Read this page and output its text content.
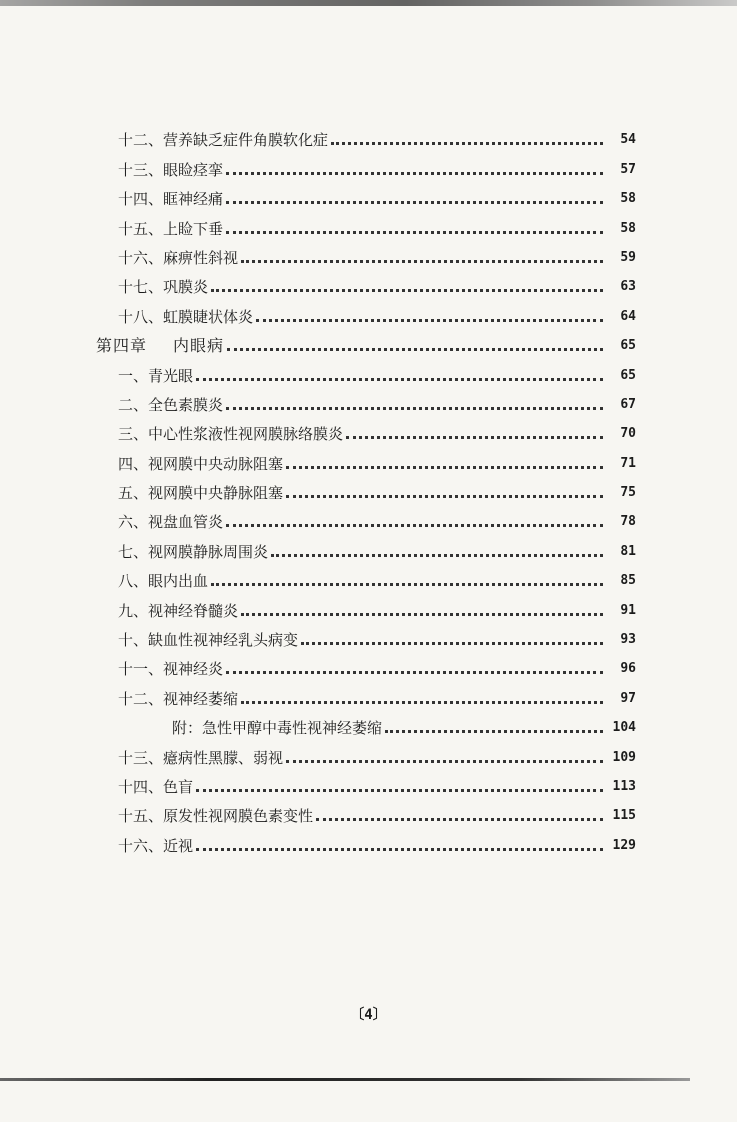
十二、营养缺乏症件角膜软化症	54
十三、眼睑痉挛	57
十四、眶神经痛	58
十五、上睑下垂	58
十六、麻痹性斜视	59
十七、巩膜炎	63
十八、虹膜睫状体炎	64
第四章 内眼病	65
一、青光眼	65
二、全色素膜炎	67
三、中心性浆液性视网膜脉络膜炎	70
四、视网膜中央动脉阻塞	71
五、视网膜中央静脉阻塞	75
六、视盘血管炎	78
七、视网膜静脉周围炎	81
八、眼内出血	85
九、视神经脊髓炎	91
十、缺血性视神经乳头病变	93
十一、视神经炎	96
十二、视神经萎缩	97
附：急性甲醇中毒性视神经萎缩	104
十三、癔病性黑朦、弱视	109
十四、色盲	113
十五、原发性视网膜色素变性	115
十六、近视	129
〔4〕
